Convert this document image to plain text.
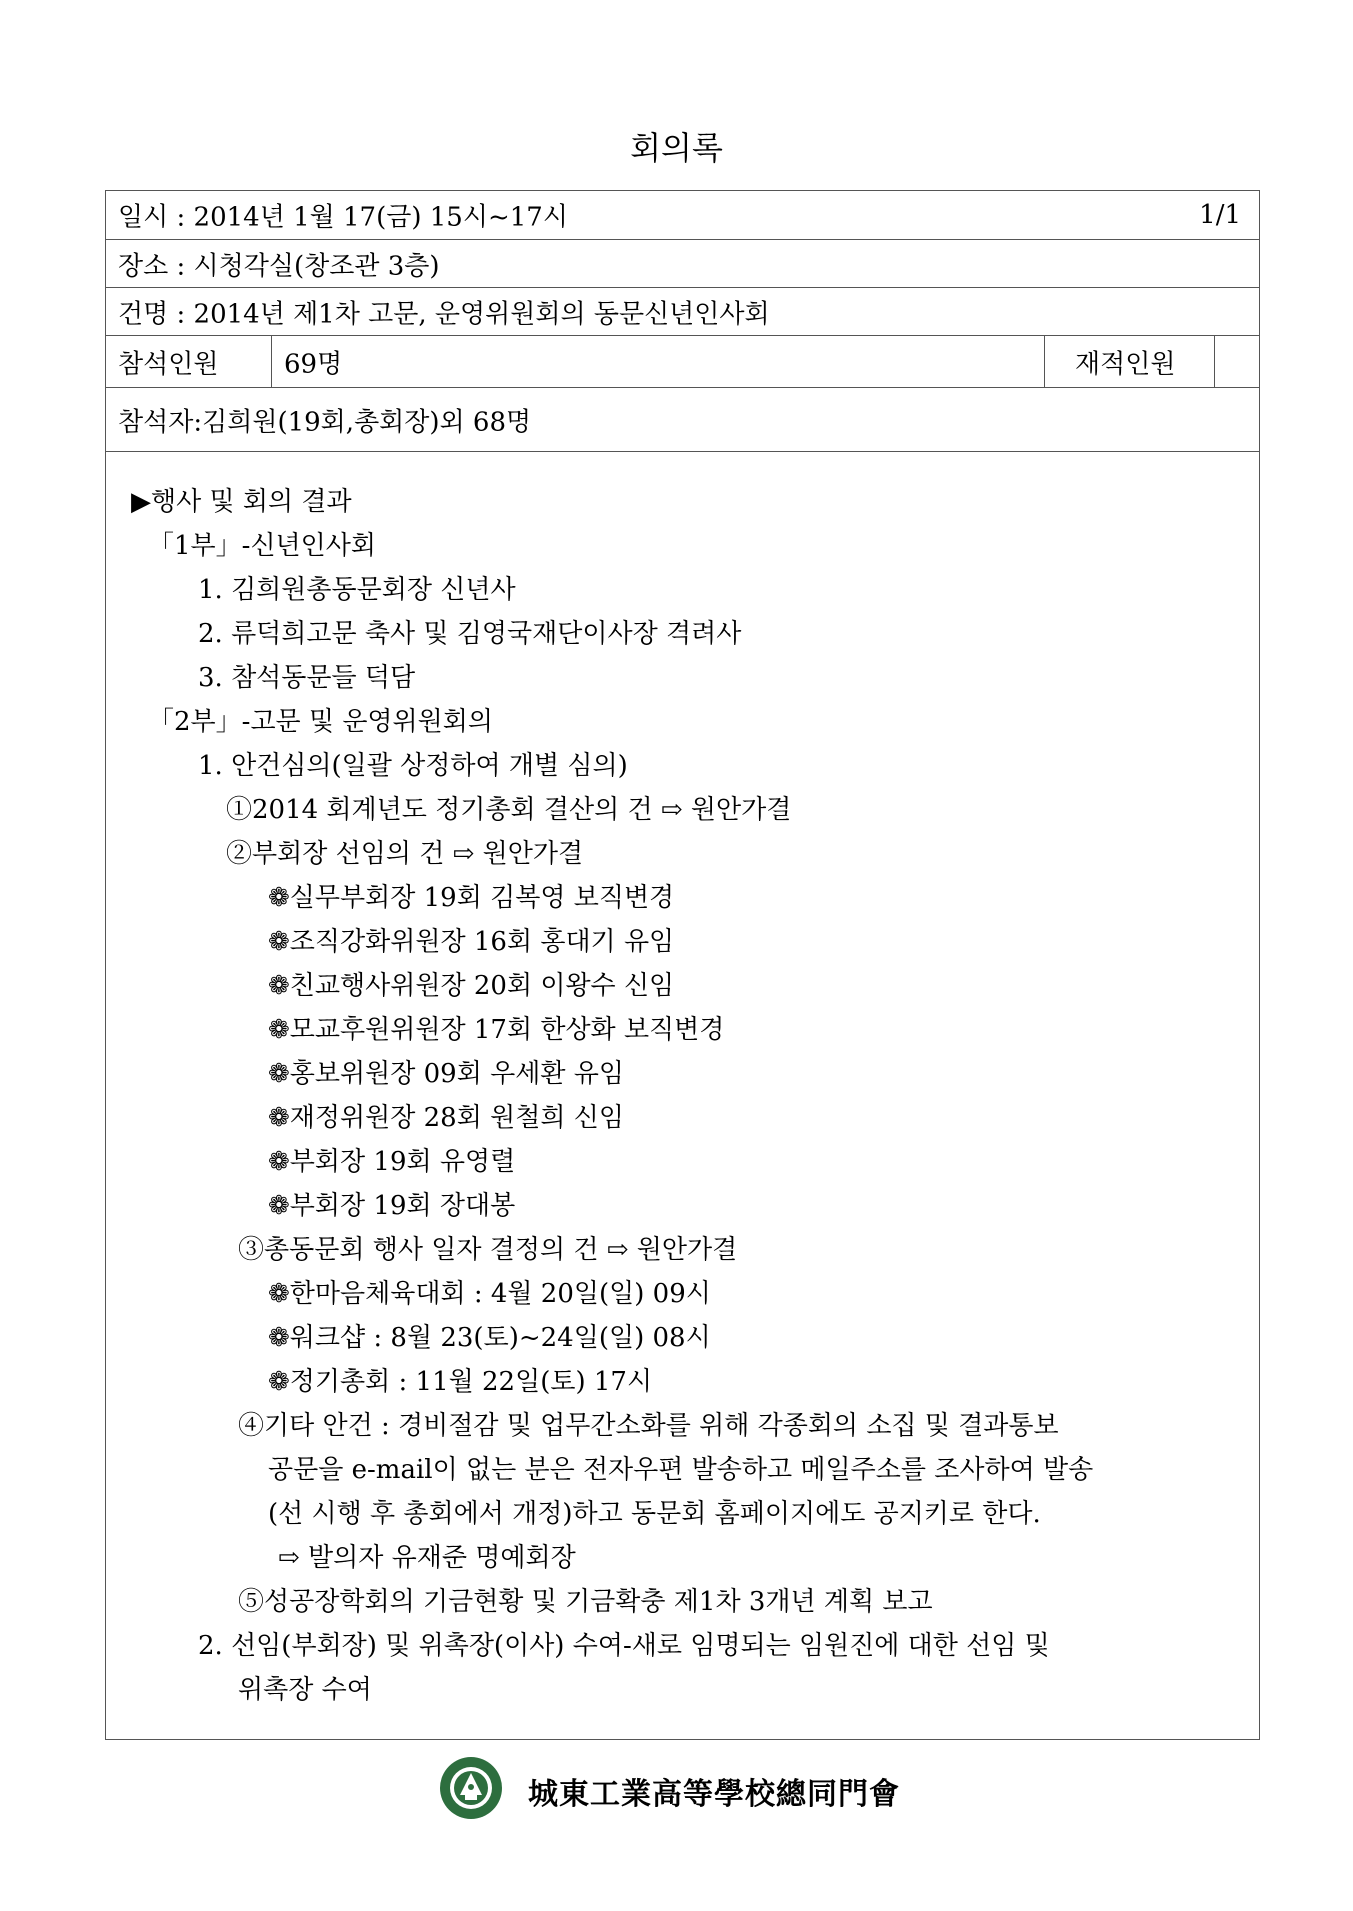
회의록
일시 : 2014년 1월 17(금) 15시~17시	1/1
장소 : 시청각실(창조관 3층)
건명 : 2014년 제1차 고문, 운영위원회의 동문신년인사회
참석인원	69명	재적인원
참석자:김희원(19회,총회장)외 68명
▶행사 및 회의 결과
「1부」-신년인사회
1. 김희원총동문회장 신년사
2. 류덕희고문 축사 및 김영국재단이사장 격려사
3. 참석동문들 덕담
「2부」-고문 및 운영위원회의
1. 안건심의(일괄 상정하여 개별 심의)
①2014 회계년도 정기총회 결산의 건 ⇨ 원안가결
②부회장 선임의 건 ⇨ 원안가결
❁실무부회장 19회 김복영 보직변경
❁조직강화위원장 16회 홍대기 유임
❁친교행사위원장 20회 이왕수 신임
❁모교후원위원장 17회 한상화 보직변경
❁홍보위원장 09회 우세환 유임
❁재정위원장 28회 원철희 신임
❁부회장 19회 유영렬
❁부회장 19회 장대봉
③총동문회 행사 일자 결정의 건 ⇨ 원안가결
❁한마음체육대회 : 4월 20일(일) 09시
❁워크샵 : 8월 23(토)~24일(일) 08시
❁정기총회 : 11월 22일(토) 17시
④기타 안건 : 경비절감 및 업무간소화를 위해 각종회의 소집 및 결과통보
공문을 e-mail이 없는 분은 전자우편 발송하고 메일주소를 조사하여 발송
(선 시행 후 총회에서 개정)하고 동문회 홈페이지에도 공지키로 한다.
⇨ 발의자 유재준 명예회장
⑤성공장학회의 기금현황 및 기금확충 제1차 3개년 계획 보고
2. 선임(부회장) 및 위촉장(이사) 수여-새로 임명되는 임원진에 대한 선임 및
위촉장 수여
城東工業高等學校總同門會
